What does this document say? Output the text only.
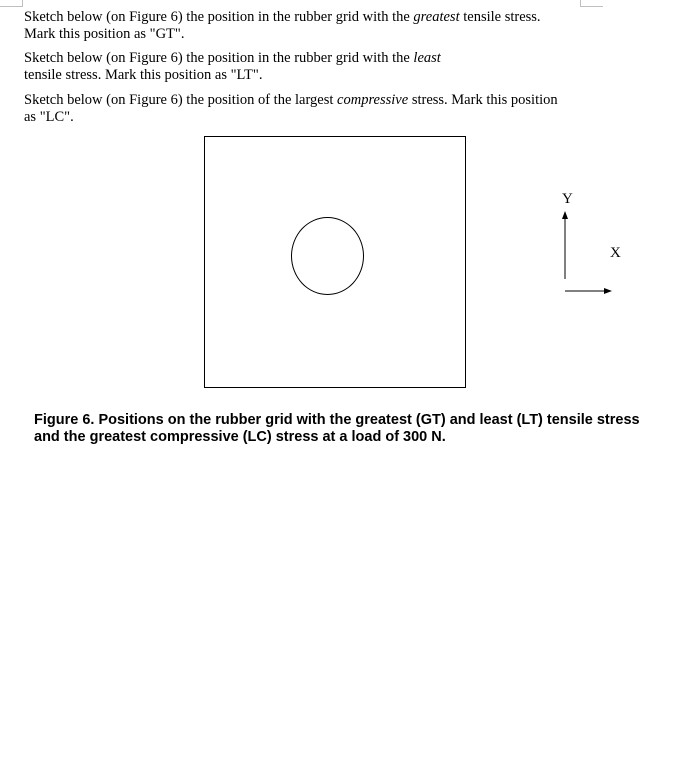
Sketch below (on Figure 6) the position in the rubber grid with the greatest tensile stress.
Mark this position as "GT".

Sketch below (on Figure 6) the position in the rubber grid with the least
tensile stress. Mark this position as "LT".

Sketch below (on Figure 6) the position of the largest compressive stress. Mark this position
as "LC".

Y
X

Figure 6. Positions on the rubber grid with the greatest (GT) and least (LT) tensile stress
and the greatest compressive (LC) stress at a load of 300 N.
